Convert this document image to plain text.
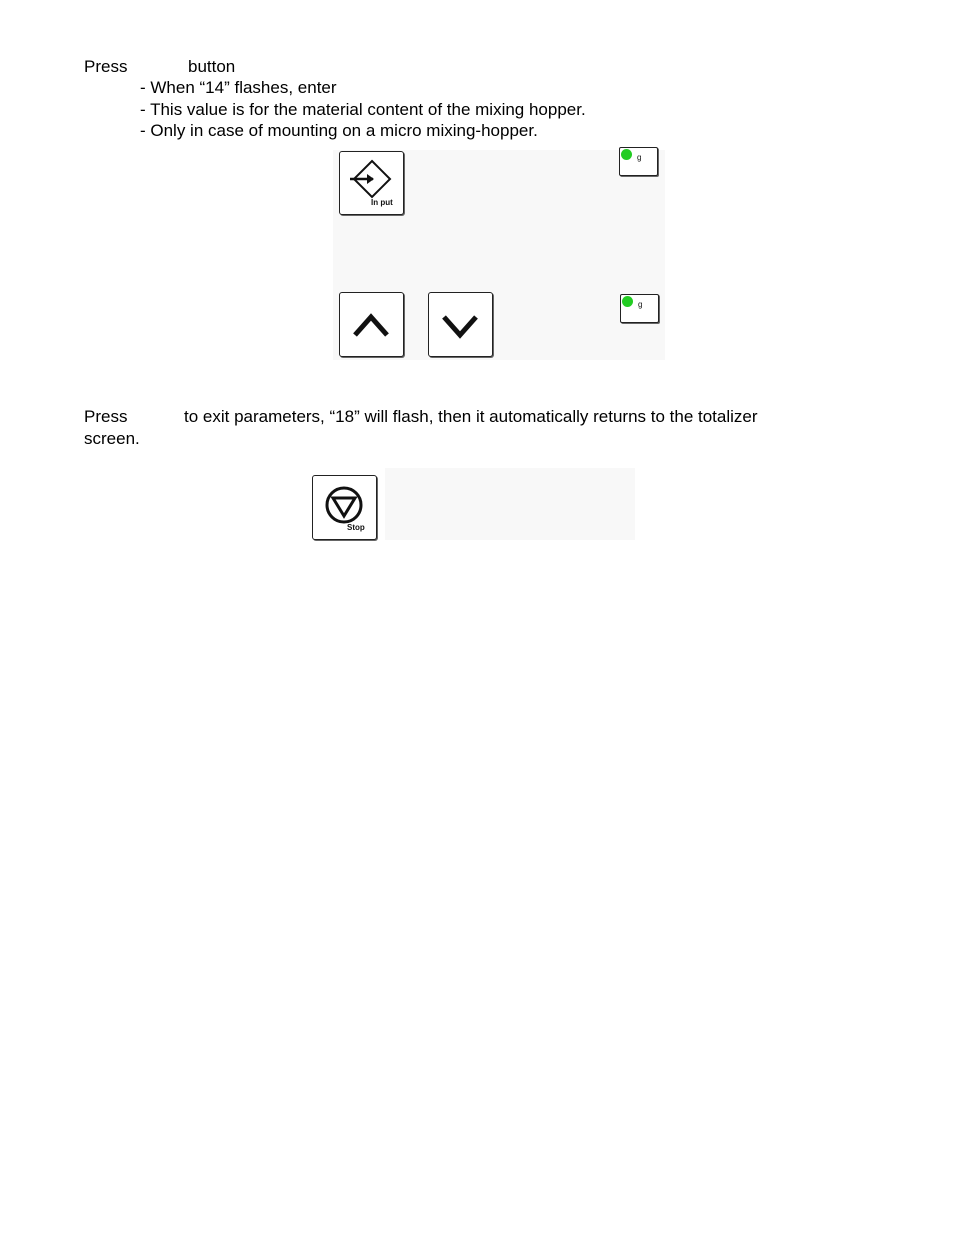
Press	button
- When “14” flashes, enter
- This value is for the material content of the mixing hopper.
- Only in case of mounting on a micro mixing-hopper.
In put
g
g
Press	to exit parameters, “18” will flash, then it automatically returns to the totalizer
screen.
Stop
